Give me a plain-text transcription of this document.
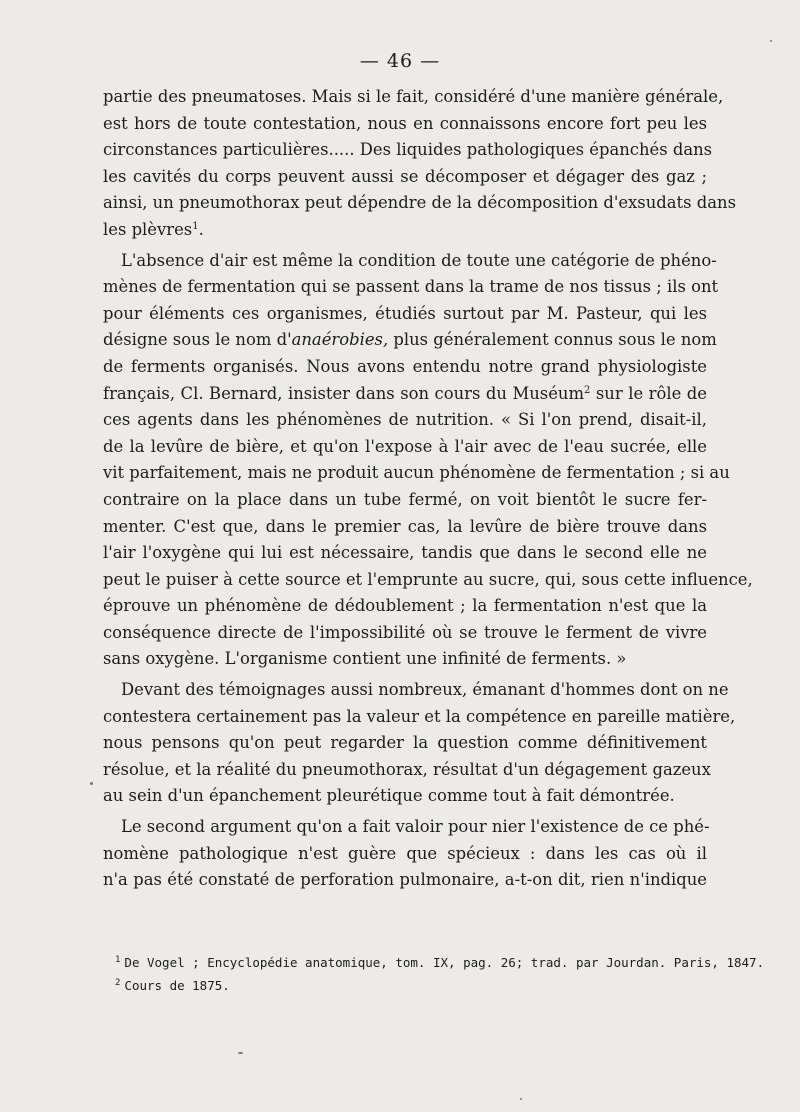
— 46 —
partie des pneumatoses. Mais si le fait, considéré d'une manière générale,
est hors de toute contestation, nous en connaissons encore fort peu les
circonstances particulières..... Des liquides pathologiques épanchés dans
les cavités du corps peuvent aussi se décomposer et dégager des gaz ;
ainsi, un pneumothorax peut dépendre de la décomposition d'exsudats dans
les plèvres$^1$.
L'absence d'air est même la condition de toute une catégorie de phéno-
mènes de fermentation qui se passent dans la trame de nos tissus ; ils ont
pour éléments ces organismes, étudiés surtout par M. Pasteur, qui les
désigne sous le nom d'anaérobies, plus généralement connus sous le nom
de ferments organisés. Nous avons entendu notre grand physiologiste
français, Cl. Bernard, insister dans son cours du Muséum$^2$ sur le rôle de
ces agents dans les phénomènes de nutrition. « Si l'on prend, disait-il,
de la levûre de bière, et qu'on l'expose à l'air avec de l'eau sucrée, elle
vit parfaitement, mais ne produit aucun phénomène de fermentation ; si au
contraire on la place dans un tube fermé, on voit bientôt le sucre fer-
menter. C'est que, dans le premier cas, la levûre de bière trouve dans
l'air l'oxygène qui lui est nécessaire, tandis que dans le second elle ne
peut le puiser à cette source et l'emprunte au sucre, qui, sous cette influence,
éprouve un phénomène de dédoublement ; la fermentation n'est que la
conséquence directe de l'impossibilité où se trouve le ferment de vivre
sans oxygène. L'organisme contient une infinité de ferments. »
Devant des témoignages aussi nombreux, émanant d'hommes dont on ne
contestera certainement pas la valeur et la compétence en pareille matière,
nous pensons qu'on peut regarder la question comme définitivement
résolue, et la réalité du pneumothorax, résultat d'un dégagement gazeux
au sein d'un épanchement pleurétique comme tout à fait démontrée.
Le second argument qu'on a fait valoir pour nier l'existence de ce phé-
nomène pathologique n'est guère que spécieux : dans les cas où il
n'a pas été constaté de perforation pulmonaire, a-t-on dit, rien n'indique
$^1$ De Vogel ; Encyclopédie anatomique, tom. IX, pag. 26; trad. par Jourdan. Paris, 1847.
$^2$ Cours de 1875.
